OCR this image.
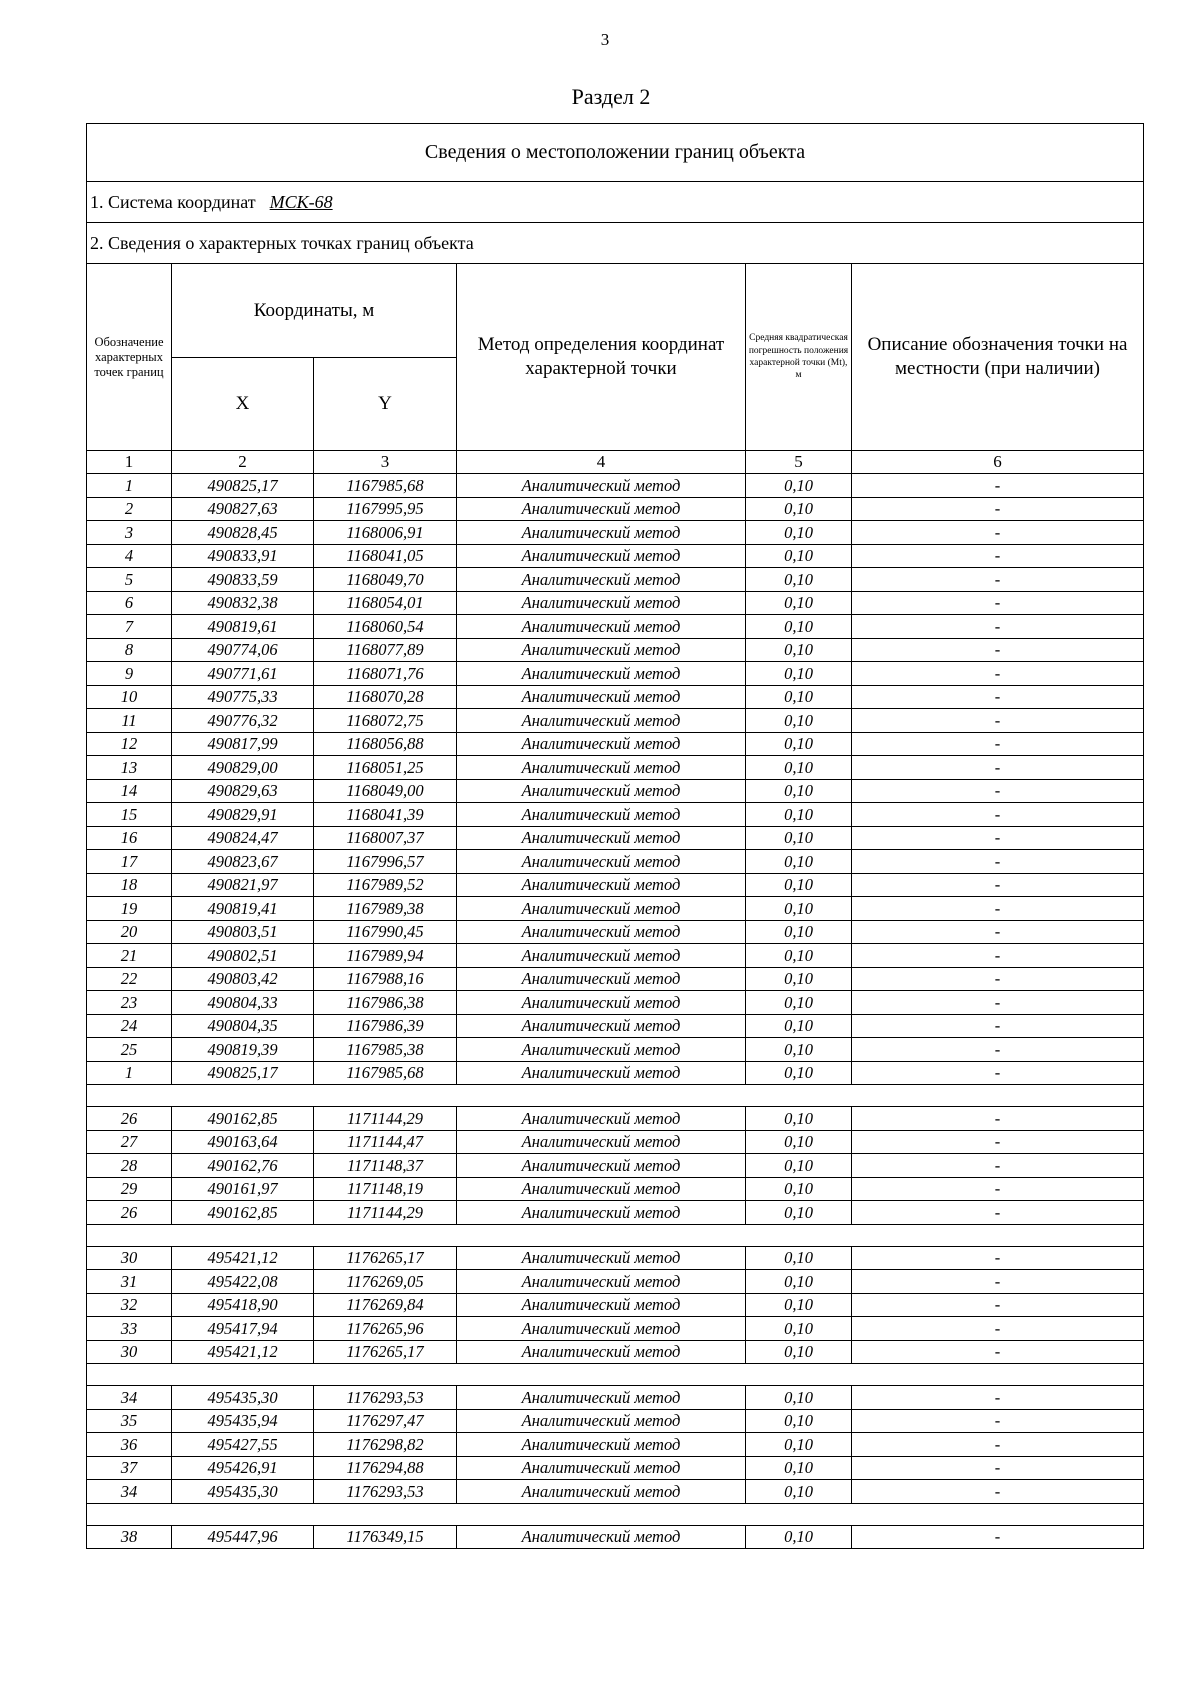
3
Раздел 2
Сведения о местоположении границ объекта					
1. Система координат МСК-68					
2. Сведения о характерных точках границ объекта					
Обозначение характерных точек границ	Координаты, м		Метод определения координат характерной точки	Средняя квадратическая погрешность положения характерной точки (Mt), м	Описание обозначения точки на местности (при наличии)
	X	Y			
1	2	3	4	5	6
1	490825,17	1167985,68	Аналитический метод	0,10	-
2	490827,63	1167995,95	Аналитический метод	0,10	-
3	490828,45	1168006,91	Аналитический метод	0,10	-
4	490833,91	1168041,05	Аналитический метод	0,10	-
5	490833,59	1168049,70	Аналитический метод	0,10	-
6	490832,38	1168054,01	Аналитический метод	0,10	-
7	490819,61	1168060,54	Аналитический метод	0,10	-
8	490774,06	1168077,89	Аналитический метод	0,10	-
9	490771,61	1168071,76	Аналитический метод	0,10	-
10	490775,33	1168070,28	Аналитический метод	0,10	-
11	490776,32	1168072,75	Аналитический метод	0,10	-
12	490817,99	1168056,88	Аналитический метод	0,10	-
13	490829,00	1168051,25	Аналитический метод	0,10	-
14	490829,63	1168049,00	Аналитический метод	0,10	-
15	490829,91	1168041,39	Аналитический метод	0,10	-
16	490824,47	1168007,37	Аналитический метод	0,10	-
17	490823,67	1167996,57	Аналитический метод	0,10	-
18	490821,97	1167989,52	Аналитический метод	0,10	-
19	490819,41	1167989,38	Аналитический метод	0,10	-
20	490803,51	1167990,45	Аналитический метод	0,10	-
21	490802,51	1167989,94	Аналитический метод	0,10	-
22	490803,42	1167988,16	Аналитический метод	0,10	-
23	490804,33	1167986,38	Аналитический метод	0,10	-
24	490804,35	1167986,39	Аналитический метод	0,10	-
25	490819,39	1167985,38	Аналитический метод	0,10	-
1	490825,17	1167985,68	Аналитический метод	0,10	-

26	490162,85	1171144,29	Аналитический метод	0,10	-
27	490163,64	1171144,47	Аналитический метод	0,10	-
28	490162,76	1171148,37	Аналитический метод	0,10	-
29	490161,97	1171148,19	Аналитический метод	0,10	-
26	490162,85	1171144,29	Аналитический метод	0,10	-

30	495421,12	1176265,17	Аналитический метод	0,10	-
31	495422,08	1176269,05	Аналитический метод	0,10	-
32	495418,90	1176269,84	Аналитический метод	0,10	-
33	495417,94	1176265,96	Аналитический метод	0,10	-
30	495421,12	1176265,17	Аналитический метод	0,10	-

34	495435,30	1176293,53	Аналитический метод	0,10	-
35	495435,94	1176297,47	Аналитический метод	0,10	-
36	495427,55	1176298,82	Аналитический метод	0,10	-
37	495426,91	1176294,88	Аналитический метод	0,10	-
34	495435,30	1176293,53	Аналитический метод	0,10	-

38	495447,96	1176349,15	Аналитический метод	0,10	-
